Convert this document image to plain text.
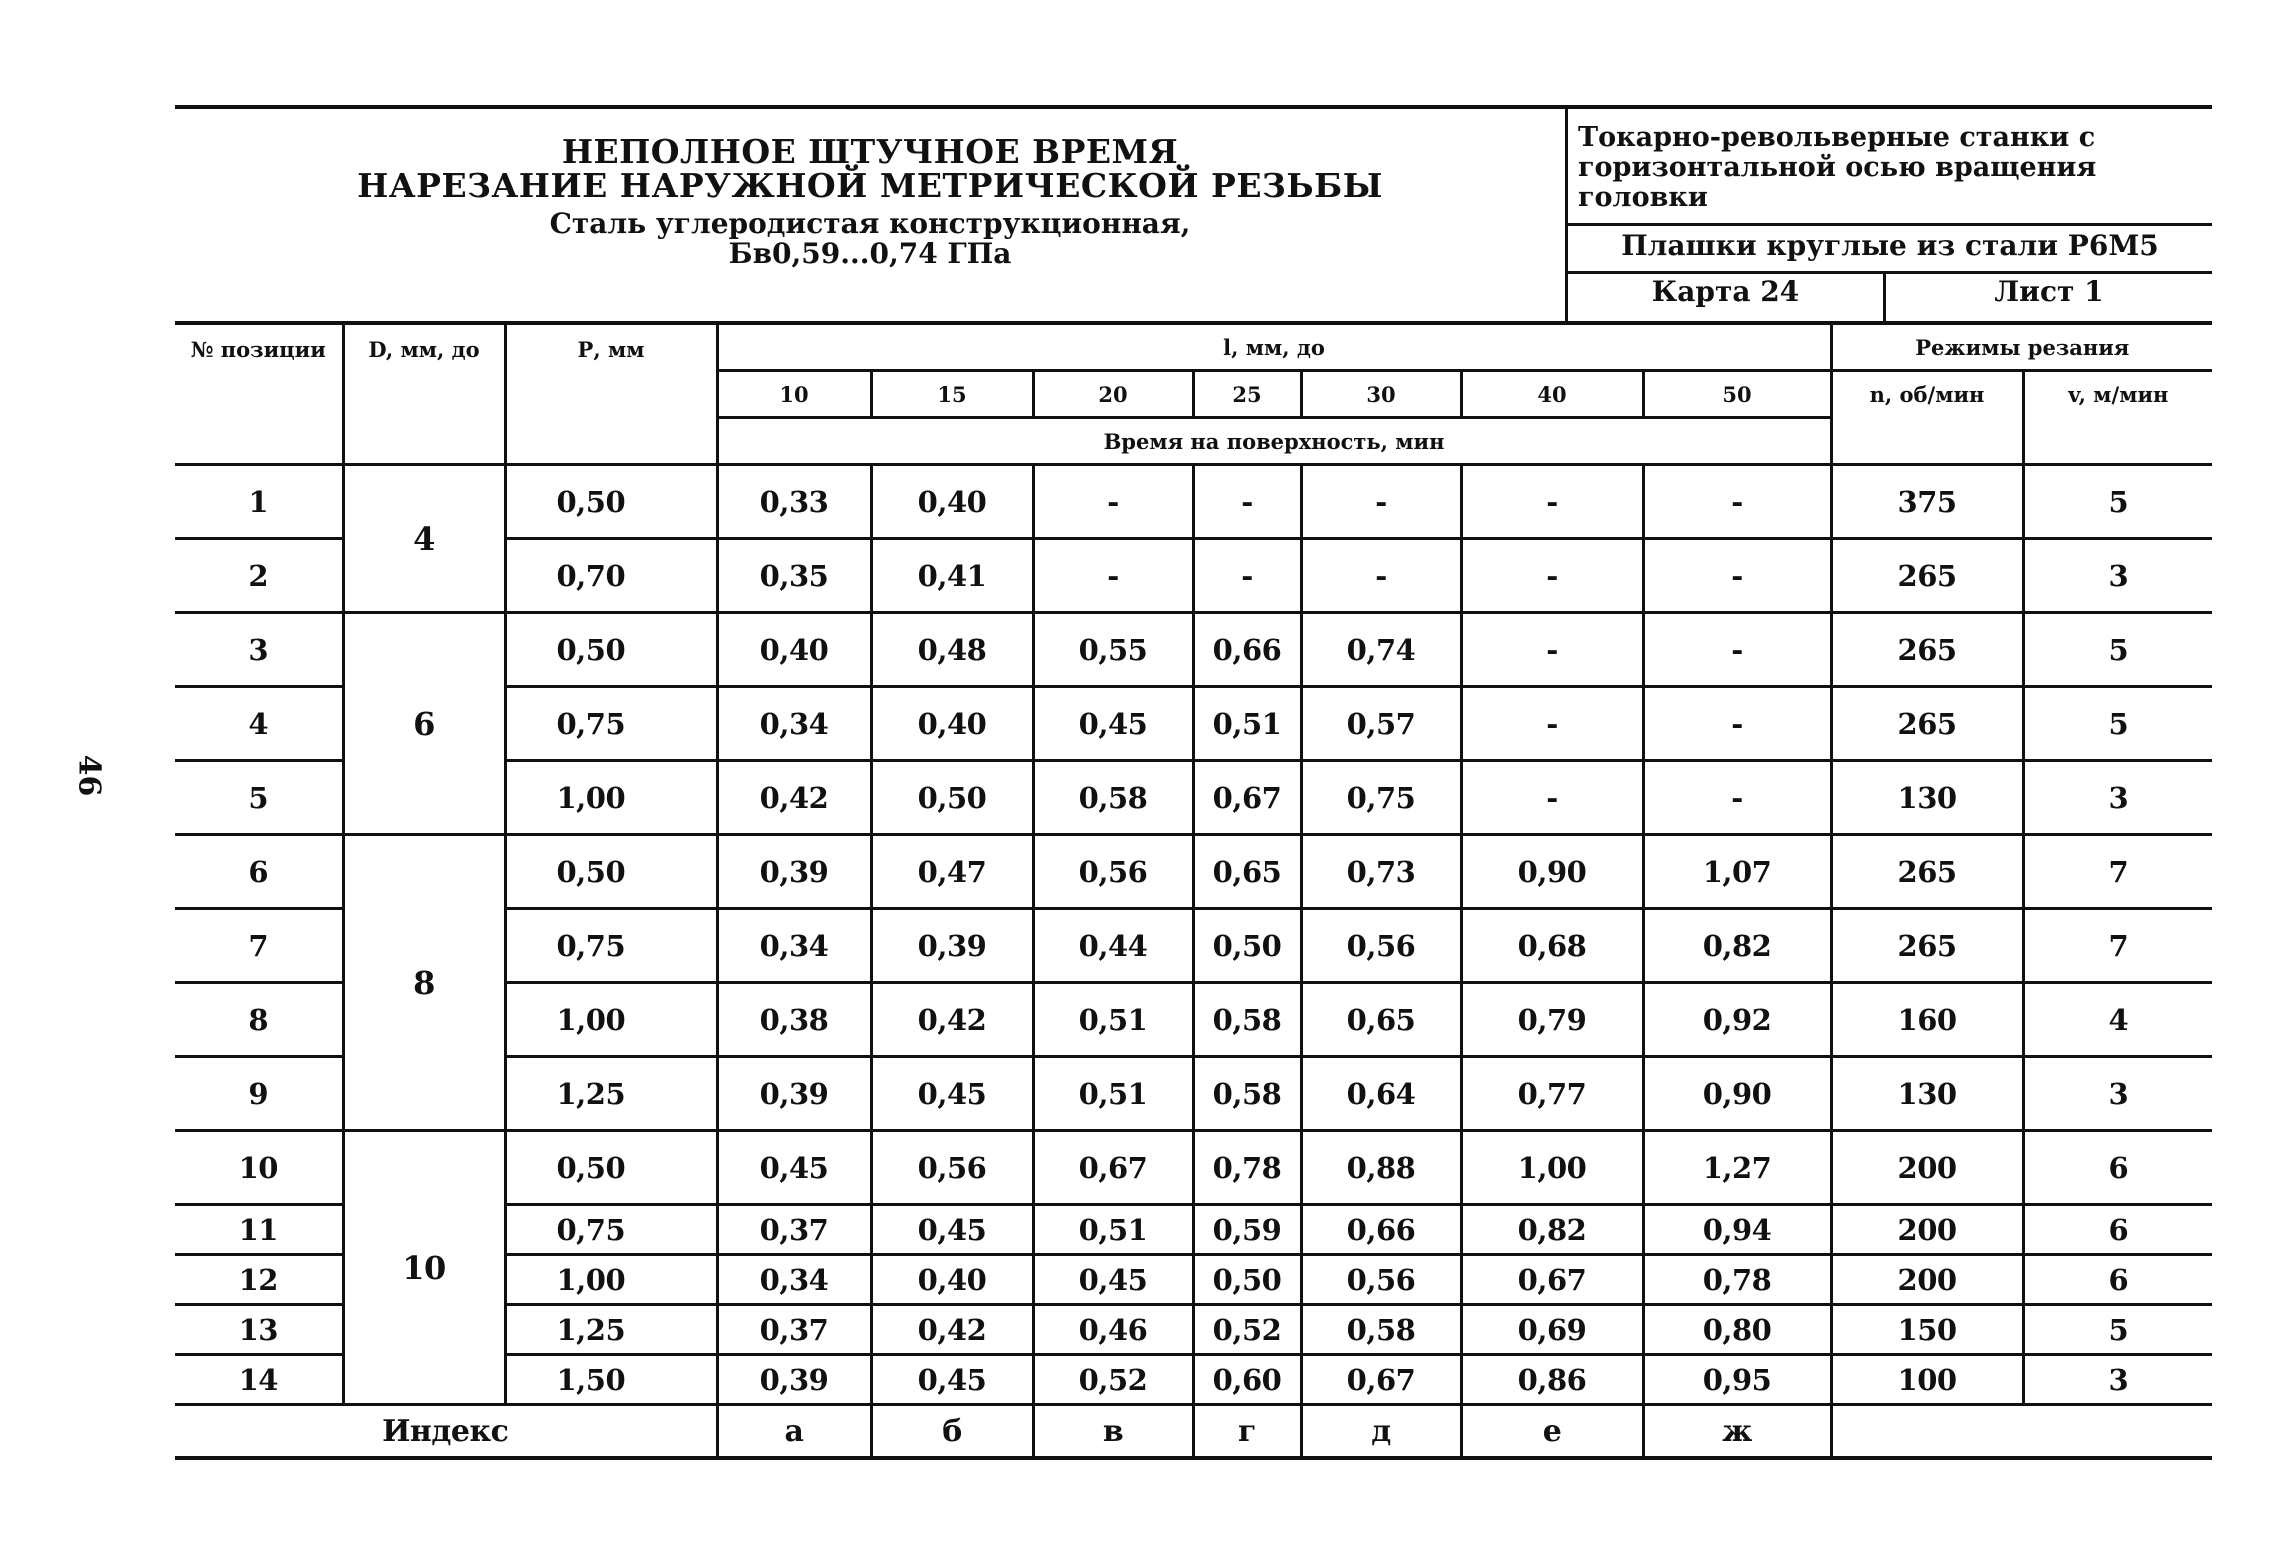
46
НЕПОЛНОЕ ШТУЧНОЕ ВРЕМЯ
НАРЕЗАНИЕ НАРУЖНОЙ МЕТРИЧЕСКОЙ РЕЗЬБЫ
Сталь углеродистая конструкционная,
Бв0,59...0,74 ГПа
Токарно-револьверные станки с горизонтальной осью вращения головки
Плашки круглые из стали Р6М5
Карта 24	Лист 1
№ позиции	D, мм, до	Р, мм	l, мм, до							Режимы резания	
			10	15	20	25	30	40	50	n, об/мин	v, м/мин
			Время на поверхность, мин								
1	4	0,50	0,33	0,40	-	-	-	-	-	375	5
2		0,70	0,35	0,41	-	-	-	-	-	265	3
3	6	0,50	0,40	0,48	0,55	0,66	0,74	-	-	265	5
4		0,75	0,34	0,40	0,45	0,51	0,57	-	-	265	5
5		1,00	0,42	0,50	0,58	0,67	0,75	-	-	130	3
6	8	0,50	0,39	0,47	0,56	0,65	0,73	0,90	1,07	265	7
7		0,75	0,34	0,39	0,44	0,50	0,56	0,68	0,82	265	7
8		1,00	0,38	0,42	0,51	0,58	0,65	0,79	0,92	160	4
9		1,25	0,39	0,45	0,51	0,58	0,64	0,77	0,90	130	3
10	10	0,50	0,45	0,56	0,67	0,78	0,88	1,00	1,27	200	6
11		0,75	0,37	0,45	0,51	0,59	0,66	0,82	0,94	200	6
12		1,00	0,34	0,40	0,45	0,50	0,56	0,67	0,78	200	6
13		1,25	0,37	0,42	0,46	0,52	0,58	0,69	0,80	150	5
14		1,50	0,39	0,45	0,52	0,60	0,67	0,86	0,95	100	3
Индекс			а	б	в	г	д	е	ж		
